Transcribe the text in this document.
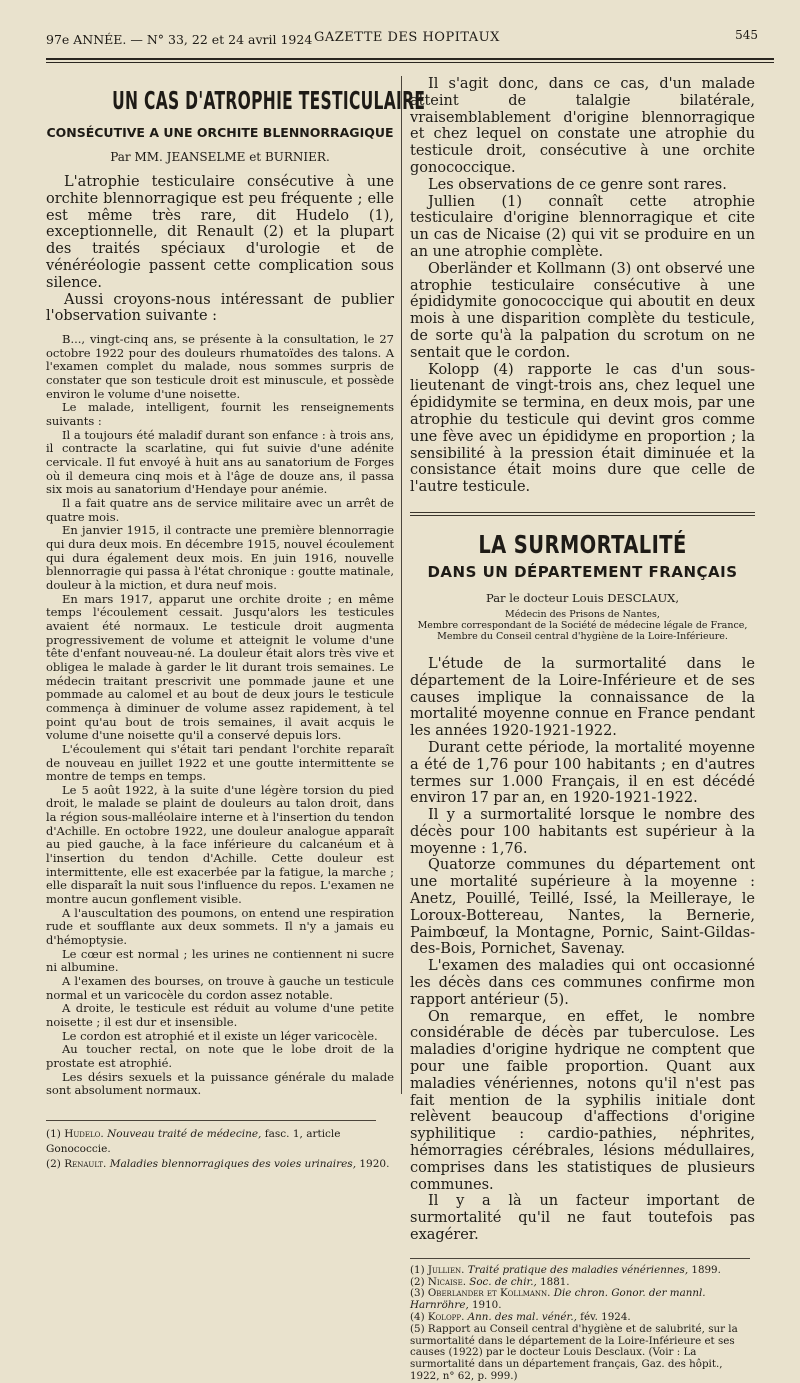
97e ANNÉE. — N° 33, 22 et 24 avril 1924 GAZETTE DES HOPITAUX	545
UN CAS D'ATROPHIE TESTICULAIRE
CONSÉCUTIVE A UNE ORCHITE BLENNORRAGIQUE
Par MM. JEANSELME et BURNIER.

L'atrophie testiculaire consécutive à une orchite blennorragique est peu fréquente ; elle est même très rare, dit Hudelo (1), exceptionnelle, dit Renault (2) et la plupart des traités spéciaux d'urologie et de vénéréologie passent cette complication sous silence.

Aussi croyons-nous intéressant de publier l'observation suivante :

B..., vingt-cinq ans, se présente à la consultation, le 27 octobre 1922 pour des douleurs rhumatoïdes des talons. A l'examen complet du malade, nous sommes surpris de constater que son testicule droit est minuscule, et possède environ le volume d'une noisette.

Le malade, intelligent, fournit les renseignements suivants :

Il a toujours été maladif durant son enfance : à trois ans, il contracte la scarlatine, qui fut suivie d'une adénite cervicale. Il fut envoyé à huit ans au sanatorium de Forges où il demeura cinq mois et à l'âge de douze ans, il passa six mois au sanatorium d'Hendaye pour anémie.

Il a fait quatre ans de service militaire avec un arrêt de quatre mois.

En janvier 1915, il contracte une première blennorragie qui dura deux mois. En décembre 1915, nouvel écoulement qui dura également deux mois. En juin 1916, nouvelle blennorragie qui passa à l'état chronique : goutte matinale, douleur à la miction, et dura neuf mois.

En mars 1917, apparut une orchite droite ; en même temps l'écoulement cessait. Jusqu'alors les testicules avaient été normaux. Le testicule droit augmenta progressivement de volume et atteignit le volume d'une tête d'enfant nouveau-né. La douleur était alors très vive et obligea le malade à garder le lit durant trois semaines. Le médecin traitant prescrivit une pommade jaune et une pommade au calomel et au bout de deux jours le testicule commença à diminuer de volume assez rapidement, à tel point qu'au bout de trois semaines, il avait acquis le volume d'une noisette qu'il a conservé depuis lors.

L'écoulement qui s'était tari pendant l'orchite reparaît de nouveau en juillet 1922 et une goutte intermittente se montre de temps en temps.

Le 5 août 1922, à la suite d'une légère torsion du pied droit, le malade se plaint de douleurs au talon droit, dans la région sous-malléolaire interne et à l'insertion du tendon d'Achille. En octobre 1922, une douleur analogue apparaît au pied gauche, à la face inférieure du calcanéum et à l'insertion du tendon d'Achille. Cette douleur est intermittente, elle est exacerbée par la fatigue, la marche ; elle disparaît la nuit sous l'influence du repos. L'examen ne montre aucun gonflement visible.

A l'auscultation des poumons, on entend une respiration rude et soufflante aux deux sommets. Il n'y a jamais eu d'hémoptysie.

Le cœur est normal ; les urines ne contiennent ni sucre ni albumine.

A l'examen des bourses, on trouve à gauche un testicule normal et un varicocèle du cordon assez notable.

A droite, le testicule est réduit au volume d'une petite noisette ; il est dur et insensible.

Le cordon est atrophié et il existe un léger varicocèle.

Au toucher rectal, on note que le lobe droit de la prostate est atrophié.

Les désirs sexuels et la puissance générale du malade sont absolument normaux.

(1) Hudelo. Nouveau traité de médecine, fasc. 1, article Gonococcie.

(2) Renault. Maladies blennorragiques des voies urinaires, 1920.

Il s'agit donc, dans ce cas, d'un malade atteint de talalgie bilatérale, vraisemblablement d'origine blennorragique et chez lequel on constate une atrophie du testicule droit, consécutive à une orchite gonococcique.

Les observations de ce genre sont rares.

Jullien (1) connaît cette atrophie testiculaire d'origine blennorragique et cite un cas de Nicaise (2) qui vit se produire en un an une atrophie complète.

Oberländer et Kollmann (3) ont observé une atrophie testiculaire consécutive à une épididymite gonococcique qui aboutit en deux mois à une disparition complète du testicule, de sorte qu'à la palpation du scrotum on ne sentait que le cordon.

Kolopp (4) rapporte le cas d'un sous-lieutenant de vingt-trois ans, chez lequel une épididymite se termina, en deux mois, par une atrophie du testicule qui devint gros comme une fève avec un épididyme en proportion ; la sensibilité à la pression était diminuée et la consistance était moins dure que celle de l'autre testicule.

LA SURMORTALITÉ
DANS UN DÉPARTEMENT FRANÇAIS
Par le docteur Louis DESCLAUX,
Médecin des Prisons de Nantes,
Membre correspondant de la Société de médecine légale de France,
Membre du Conseil central d'hygiène de la Loire-Inférieure.

L'étude de la surmortalité dans le département de la Loire-Inférieure et de ses causes implique la connaissance de la mortalité moyenne connue en France pendant les années 1920-1921-1922.

Durant cette période, la mortalité moyenne a été de 1,76 pour 100 habitants ; en d'autres termes sur 1.000 Français, il en est décédé environ 17 par an, en 1920-1921-1922.

Il y a surmortalité lorsque le nombre des décès pour 100 habitants est supérieur à la moyenne : 1,76.

Quatorze communes du département ont une mortalité supérieure à la moyenne : Anetz, Pouillé, Teillé, Issé, la Meilleraye, le Loroux-Bottereau, Nantes, la Bernerie, Paimbœuf, la Montagne, Pornic, Saint-Gildas-des-Bois, Pornichet, Savenay.

L'examen des maladies qui ont occasionné les décès dans ces communes confirme mon rapport antérieur (5).

On remarque, en effet, le nombre considérable de décès par tuberculose. Les maladies d'origine hydrique ne comptent que pour une faible proportion. Quant aux maladies vénériennes, notons qu'il n'est pas fait mention de la syphilis initiale dont relèvent beaucoup d'affections d'origine syphilitique : cardio-pathies, néphrites, hémorragies cérébrales, lésions médullaires, comprises dans les statistiques de plusieurs communes.

Il y a là un facteur important de surmortalité qu'il ne faut toutefois pas exagérer.

(1) Jullien. Traité pratique des maladies vénériennes, 1899.

(2) Nicaise. Soc. de chir., 1881.

(3) Oberlander et Kollmann. Die chron. Gonor. der mannl. Harnröhre, 1910.

(4) Kolopp. Ann. des mal. vénér., fév. 1924.

(5) Rapport au Conseil central d'hygiène et de salubrité, sur la surmortalité dans le département de la Loire-Inférieure et ses causes (1922) par le docteur Louis Desclaux. (Voir : La surmortalité dans un département français, Gaz. des hôpit., 1922, n° 62, p. 999.)
